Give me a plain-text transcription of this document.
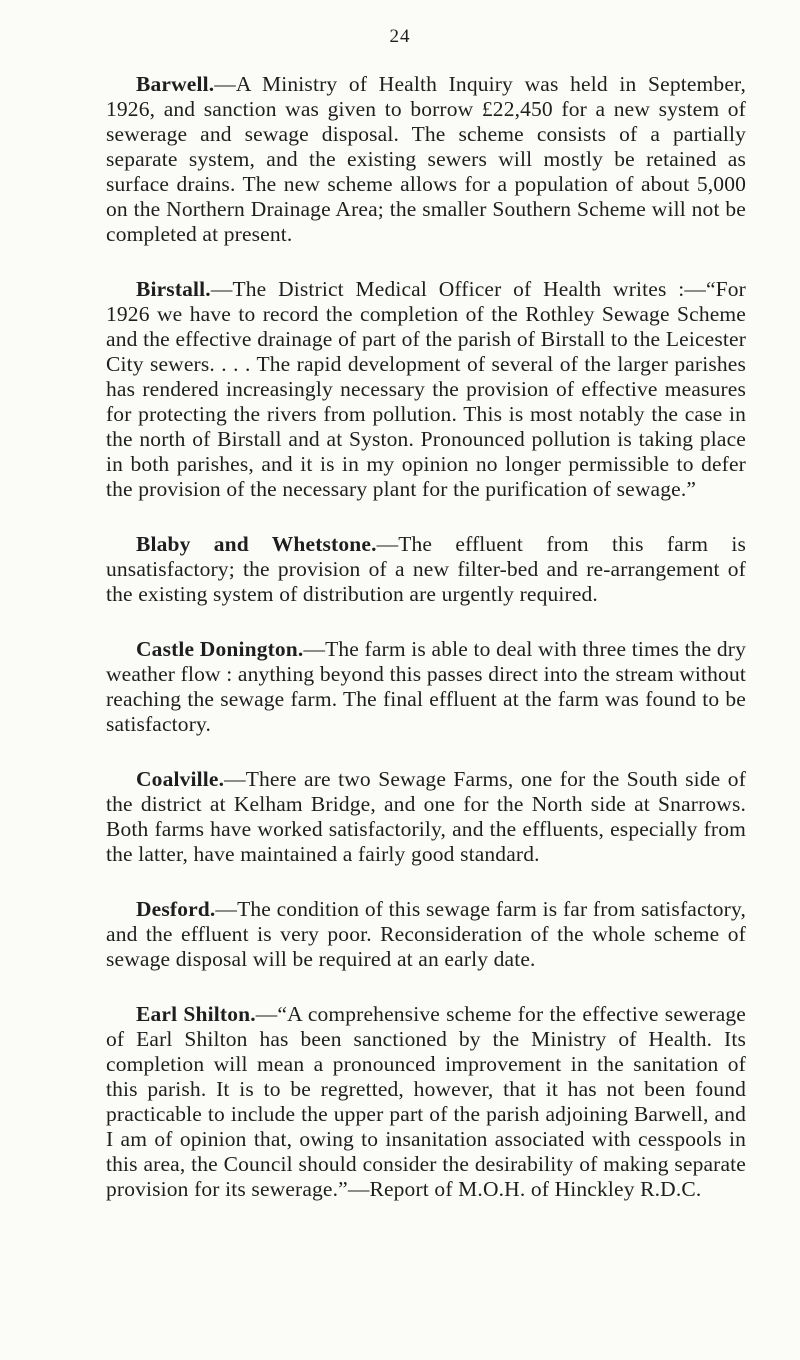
24

Barwell.—A Ministry of Health Inquiry was held in September, 1926, and sanction was given to borrow £22,450 for a new system of sewerage and sewage disposal. The scheme consists of a partially separate system, and the existing sewers will mostly be retained as surface drains. The new scheme allows for a population of about 5,000 on the Northern Drainage Area; the smaller Southern Scheme will not be completed at present.

Birstall.—The District Medical Officer of Health writes :—“For 1926 we have to record the completion of the Rothley Sewage Scheme and the effective drainage of part of the parish of Birstall to the Leicester City sewers. . . . The rapid development of several of the larger parishes has rendered increasingly necessary the provision of effective measures for protecting the rivers from pollution. This is most notably the case in the north of Birstall and at Syston. Pronounced pollution is taking place in both parishes, and it is in my opinion no longer permissible to defer the provision of the necessary plant for the purification of sewage.”

Blaby and Whetstone.—The effluent from this farm is unsatisfactory; the provision of a new filter-bed and re-arrangement of the existing system of distribution are urgently required.

Castle Donington.—The farm is able to deal with three times the dry weather flow : anything beyond this passes direct into the stream without reaching the sewage farm. The final effluent at the farm was found to be satisfactory.

Coalville.—There are two Sewage Farms, one for the South side of the district at Kelham Bridge, and one for the North side at Snarrows. Both farms have worked satisfactorily, and the effluents, especially from the latter, have maintained a fairly good standard.

Desford.—The condition of this sewage farm is far from satisfactory, and the effluent is very poor. Reconsideration of the whole scheme of sewage disposal will be required at an early date.

Earl Shilton.—“A comprehensive scheme for the effective sewerage of Earl Shilton has been sanctioned by the Ministry of Health. Its completion will mean a pronounced improvement in the sanitation of this parish. It is to be regretted, however, that it has not been found practicable to include the upper part of the parish adjoining Barwell, and I am of opinion that, owing to insanitation associated with cesspools in this area, the Council should consider the desirability of making separate provision for its sewerage.”—Report of M.O.H. of Hinckley R.D.C.
